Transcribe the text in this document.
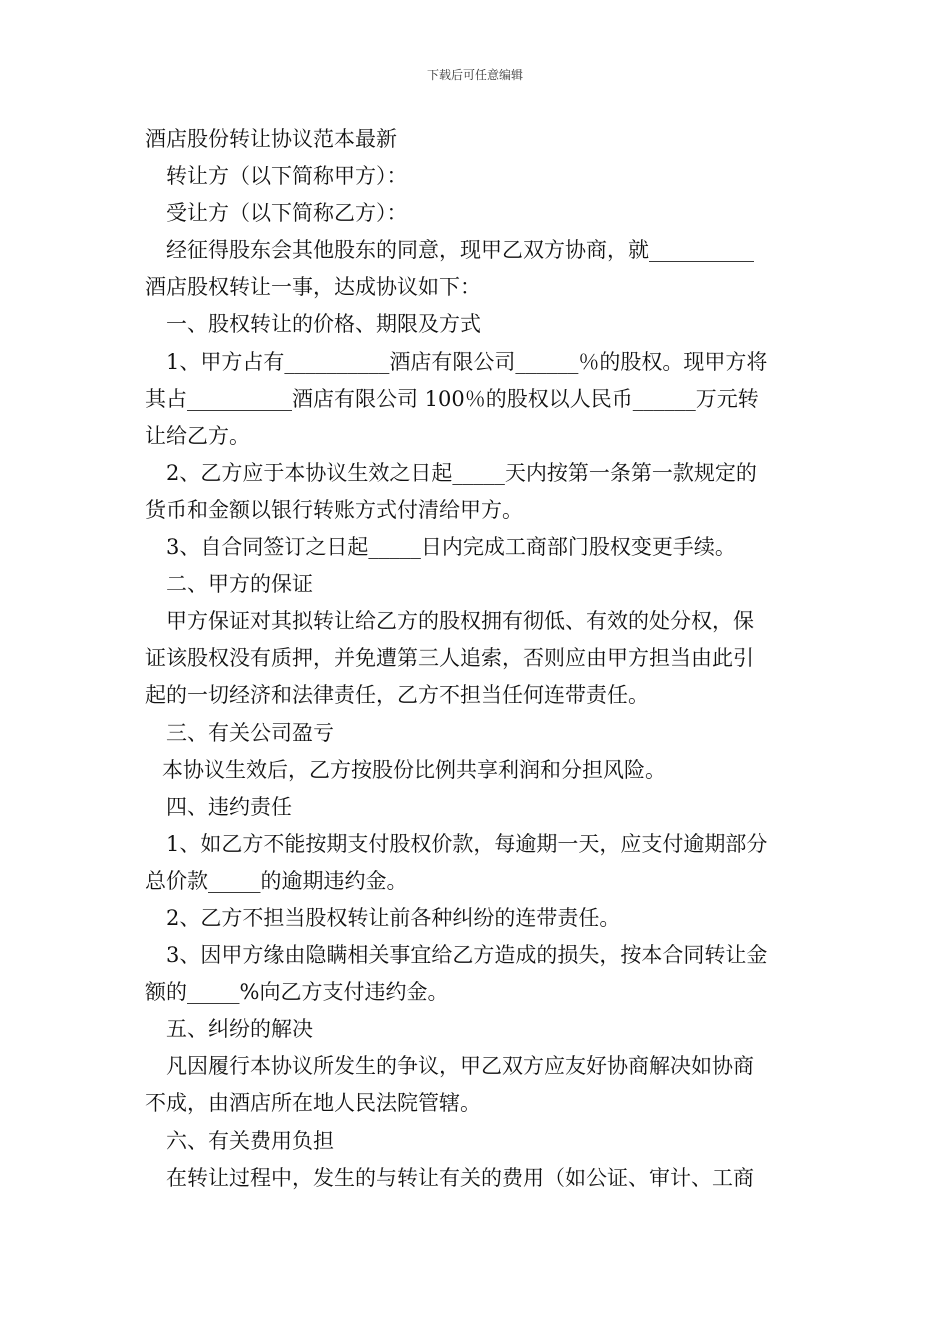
下载后可任意编辑
酒店股份转让协议范本最新
转让方（以下简称甲方）：
受让方（以下简称乙方）：
经征得股东会其他股东的同意，现甲乙双方协商，就__________
酒店股权转让一事，达成协议如下：
一、股权转让的价格、期限及方式
1、甲方占有__________酒店有限公司______％的股权。现甲方将
其占__________酒店有限公司 100％的股权以人民币______万元转
让给乙方。
2、乙方应于本协议生效之日起_____天内按第一条第一款规定的
货币和金额以银行转账方式付清给甲方。
3、自合同签订之日起_____日内完成工商部门股权变更手续。
二、甲方的保证
甲方保证对其拟转让给乙方的股权拥有彻低、有效的处分权，保
证该股权没有质押，并免遭第三人追索，否则应由甲方担当由此引
起的一切经济和法律责任，乙方不担当任何连带责任。
三、有关公司盈亏
本协议生效后，乙方按股份比例共享利润和分担风险。
四、违约责任
1、如乙方不能按期支付股权价款，每逾期一天，应支付逾期部分
总价款_____的逾期违约金。
2、乙方不担当股权转让前各种纠纷的连带责任。
3、因甲方缘由隐瞒相关事宜给乙方造成的损失，按本合同转让金
额的_____%向乙方支付违约金。
五、纠纷的解决
凡因履行本协议所发生的争议，甲乙双方应友好协商解决如协商
不成，由酒店所在地人民法院管辖。
六、有关费用负担
在转让过程中，发生的与转让有关的费用（如公证、审计、工商
